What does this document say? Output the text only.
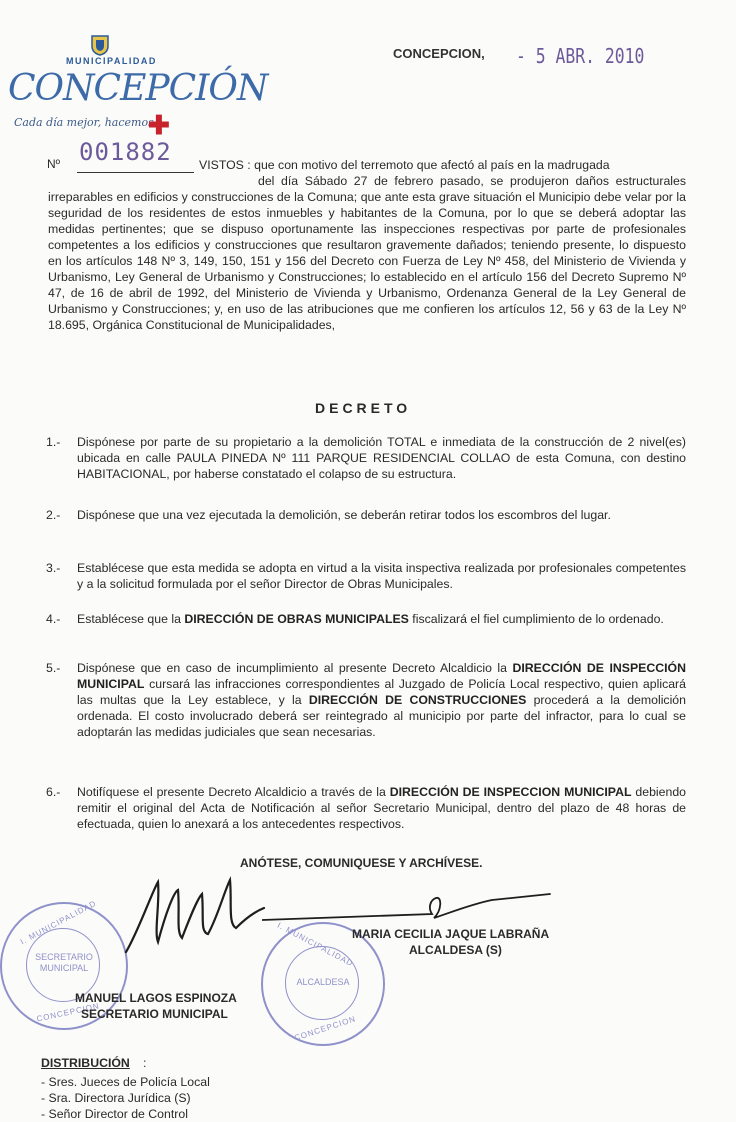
MUNICIPALIDAD
CONCEPCIÓN
Cada día mejor, hacemos
✚
CONCEPCION, - 5 ABR. 2010
Nº 001882 VISTOS : que con motivo del terremoto que afectó al país en la madrugada
del día Sábado 27 de febrero pasado, se produjeron daños estructurales irreparables en edificios y construcciones de la Comuna; que ante esta grave situación el Municipio debe velar por la seguridad de los residentes de estos inmuebles y habitantes de la Comuna, por lo que se deberá adoptar las medidas pertinentes; que se dispuso oportunamente las inspecciones respectivas por parte de profesionales competentes a los edificios y construcciones que resultaron gravemente dañados; teniendo presente, lo dispuesto en los artículos 148 Nº 3, 149, 150, 151 y 156 del Decreto con Fuerza de Ley Nº 458, del Ministerio de Vivienda y Urbanismo, Ley General de Urbanismo y Construcciones; lo establecido en el artículo 156 del Decreto Supremo Nº 47, de 16 de abril de 1992, del Ministerio de Vivienda y Urbanismo, Ordenanza General de la Ley General de Urbanismo y Construcciones; y, en uso de las atribuciones que me confieren los artículos 12, 56 y 63 de la Ley Nº 18.695, Orgánica Constitucional de Municipalidades,
DECRETO
1.- Dispónese por parte de su propietario a la demolición TOTAL e inmediata de la construcción de 2 nivel(es) ubicada en calle PAULA PINEDA Nº 111 PARQUE RESIDENCIAL COLLAO de esta Comuna, con destino HABITACIONAL, por haberse constatado el colapso de su estructura.
2.- Dispónese que una vez ejecutada la demolición, se deberán retirar todos los escombros del lugar.
3.- Establécese que esta medida se adopta en virtud a la visita inspectiva realizada por profesionales competentes y a la solicitud formulada por el señor Director de Obras Municipales.
4.- Establécese que la DIRECCIÓN DE OBRAS MUNICIPALES fiscalizará el fiel cumplimiento de lo ordenado.
5.- Dispónese que en caso de incumplimiento al presente Decreto Alcaldicio la DIRECCIÓN DE INSPECCIÓN MUNICIPAL cursará las infracciones correspondientes al Juzgado de Policía Local respectivo, quien aplicará las multas que la Ley establece, y la DIRECCIÓN DE CONSTRUCCIONES procederá a la demolición ordenada. El costo involucrado deberá ser reintegrado al municipio por parte del infractor, para lo cual se adoptarán las medidas judiciales que sean necesarias.
6.- Notifíquese el presente Decreto Alcaldicio a través de la DIRECCIÓN DE INSPECCION MUNICIPAL debiendo remitir el original del Acta de Notificación al señor Secretario Municipal, dentro del plazo de 48 horas de efectuada, quien lo anexará a los antecedentes respectivos.
ANÓTESE, COMUNIQUESE Y ARCHÍVESE.
I. MUNICIPALIDAD
SECRETARIO MUNICIPAL
CONCEPCION
I. MUNICIPALIDAD
ALCALDESA
CONCEPCION
MARIA CECILIA JAQUE LABRAÑA
ALCALDESA (S)
MANUEL LAGOS ESPINOZA
SECRETARIO MUNICIPAL
DISTRIBUCIÓN :
- Sres. Jueces de Policía Local
- Sra. Directora Jurídica (S)
- Señor Director de Control
